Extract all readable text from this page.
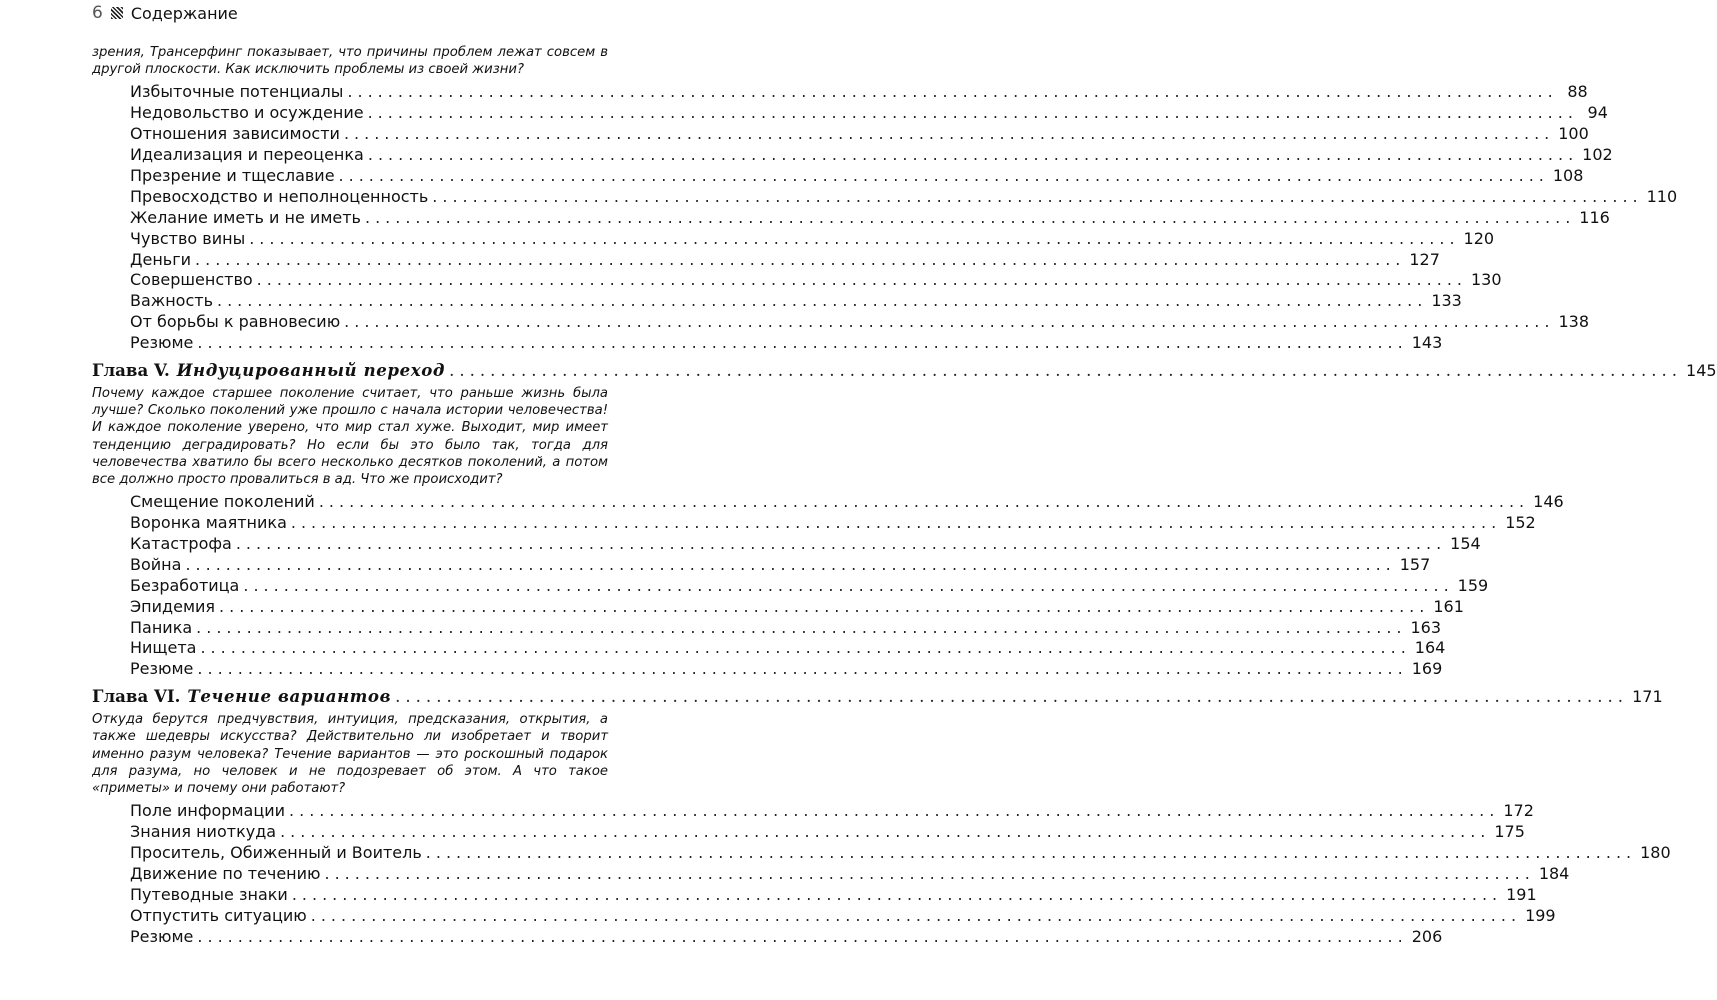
6 Содержание

зрения, Трансерфинг показывает, что причины проблем лежат совсем в другой плоскости. Как исключить проблемы из своей жизни?

Избыточные потенциалы ........................................................................................................................ 88
Недовольство и осуждение ........................................................................................................................ 94
Отношения зависимости ........................................................................................................................ 100
Идеализация и переоценка ........................................................................................................................ 102
Презрение и тщеславие ........................................................................................................................ 108
Превосходство и неполноценность ........................................................................................................................ 110
Желание иметь и не иметь ........................................................................................................................ 116
Чувство вины ........................................................................................................................ 120
Деньги ........................................................................................................................ 127
Совершенство ........................................................................................................................ 130
Важность ........................................................................................................................ 133
От борьбы к равновесию ........................................................................................................................ 138
Резюме ........................................................................................................................ 143
Глава V. Индуцированный переход ........................................................................................................................ 145

Почему каждое старшее поколение считает, что раньше жизнь была лучше? Сколько поколений уже прошло с начала истории человечества! И каждое поколение уверено, что мир стал хуже. Выходит, мир имеет тенденцию деградировать? Но если бы это было так, тогда для человечества хватило бы всего несколько десятков поколений, а потом все должно просто провалиться в ад. Что же происходит?

Смещение поколений ........................................................................................................................ 146
Воронка маятника ........................................................................................................................ 152
Катастрофа ........................................................................................................................ 154
Война ........................................................................................................................ 157
Безработица ........................................................................................................................ 159
Эпидемия ........................................................................................................................ 161
Паника ........................................................................................................................ 163
Нищета ........................................................................................................................ 164
Резюме ........................................................................................................................ 169
Глава VI. Течение вариантов ........................................................................................................................ 171

Откуда берутся предчувствия, интуиция, предсказания, открытия, а также шедевры искусства? Действительно ли изобретает и творит именно разум человека? Течение вариантов — это роскошный подарок для разума, но человек и не подозревает об этом. А что такое «приметы» и почему они работают?

Поле информации ........................................................................................................................ 172
Знания ниоткуда ........................................................................................................................ 175
Проситель, Обиженный и Воитель ........................................................................................................................ 180
Движение по течению ........................................................................................................................ 184
Путеводные знаки ........................................................................................................................ 191
Отпустить ситуацию ........................................................................................................................ 199
Резюме ........................................................................................................................ 206
